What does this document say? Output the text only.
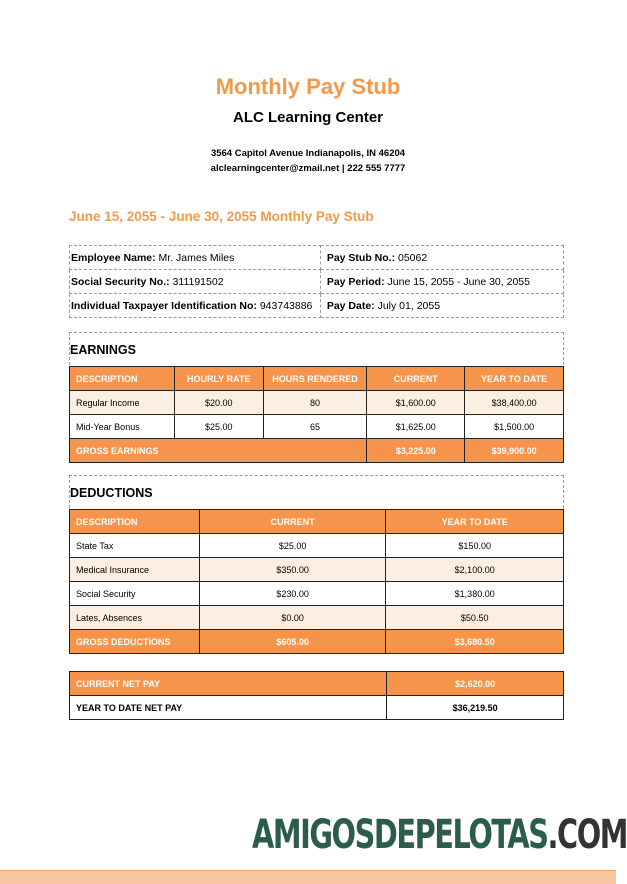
Monthly Pay Stub
ALC Learning Center
3564 Capitol Avenue Indianapolis, IN 46204
alclearningcenter@zmail.net | 222 555 7777
June 15, 2055 - June 30, 2055 Monthly Pay Stub
Employee Name: Mr. James Miles	Pay Stub No.: 05062
Social Security No.: 311191502	Pay Period: June 15, 2055 - June 30, 2055
Individual Taxpayer Identification No: 943743886	Pay Date: July 01, 2055
EARNINGS
DESCRIPTION	HOURLY RATE	HOURS RENDERED	CURRENT	YEAR TO DATE
Regular Income	$20.00	80	$1,600.00	$38,400.00
Mid-Year Bonus	$25.00	65	$1,625.00	$1,500.00
GROSS EARNINGS			$3,225.00	$39,900.00
DEDUCTIONS
DESCRIPTION	CURRENT	YEAR TO DATE
State Tax	$25.00	$150.00
Medical Insurance	$350.00	$2,100.00
Social Security	$230.00	$1,380.00
Lates, Absences	$0.00	$50.50
GROSS DEDUCTIONS	$605.00	$3,680.50
CURRENT NET PAY	$2,620.00
YEAR TO DATE NET PAY	$36,219.50
AMIGOSDEPELOTAS.COM
